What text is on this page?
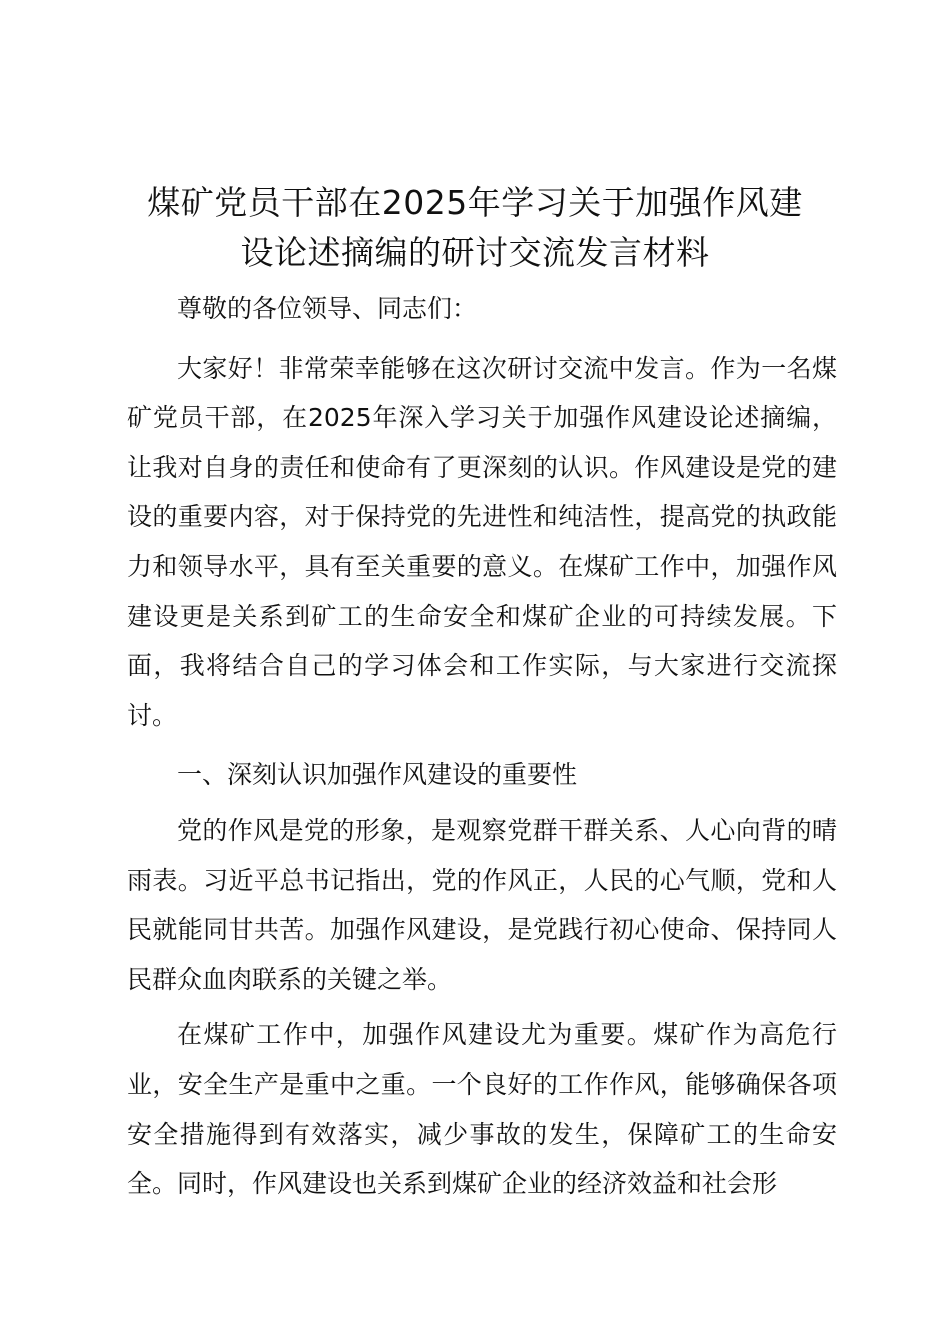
煤矿党员干部在2025年学习关于加强作风建
设论述摘编的研讨交流发言材料

尊敬的各位领导、同志们：

大家好！非常荣幸能够在这次研讨交流中发言。作为一名煤矿党员干部，在2025年深入学习关于加强作风建设论述摘编，让我对自身的责任和使命有了更深刻的认识。作风建设是党的建设的重要内容，对于保持党的先进性和纯洁性，提高党的执政能力和领导水平，具有至关重要的意义。在煤矿工作中，加强作风建设更是关系到矿工的生命安全和煤矿企业的可持续发展。下面，我将结合自己的学习体会和工作实际，与大家进行交流探讨。

一、深刻认识加强作风建设的重要性

党的作风是党的形象，是观察党群干群关系、人心向背的晴雨表。习近平总书记指出，党的作风正，人民的心气顺，党和人民就能同甘共苦。加强作风建设，是党践行初心使命、保持同人民群众血肉联系的关键之举。

在煤矿工作中，加强作风建设尤为重要。煤矿作为高危行业，安全生产是重中之重。一个良好的工作作风，能够确保各项安全措施得到有效落实，减少事故的发生，保障矿工的生命安全。同时，作风建设也关系到煤矿企业的经济效益和社会形
